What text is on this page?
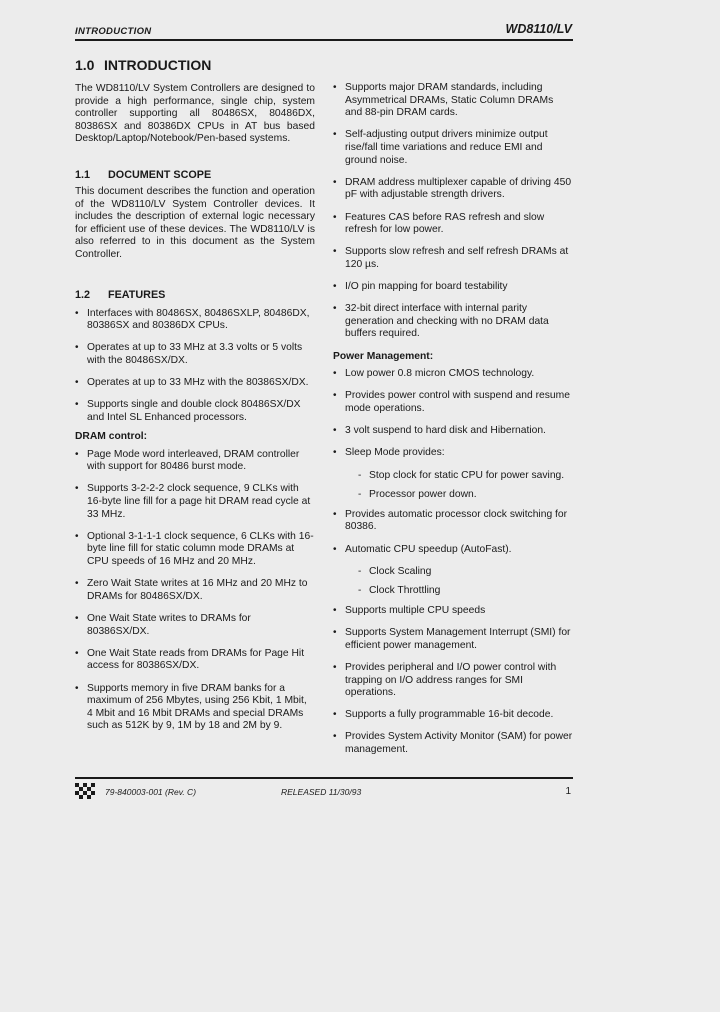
INTRODUCTION	WD8110/LV
1.0 INTRODUCTION

The WD8110/LV System Controllers are designed to provide a high performance, single chip, system controller supporting all 80486SX, 80486DX, 80386SX and 80386DX CPUs in AT bus based Desktop/Laptop/Notebook/Pen-based systems.

1.1 DOCUMENT SCOPE

This document describes the function and operation of the WD8110/LV System Controller devices. It includes the description of external logic necessary for efficient use of these devices. The WD8110/LV is also referred to in this document as the System Controller.

1.2 FEATURES
• Interfaces with 80486SX, 80486SXLP, 80486DX, 80386SX and 80386DX CPUs.
• Operates at up to 33 MHz at 3.3 volts or 5 volts with the 80486SX/DX.
• Operates at up to 33 MHz with the 80386SX/DX.
• Supports single and double clock 80486SX/DX and Intel SL Enhanced processors.
DRAM control:
• Page Mode word interleaved, DRAM controller with support for 80486 burst mode.
• Supports 3-2-2-2 clock sequence, 9 CLKs with 16-byte line fill for a page hit DRAM read cycle at 33 MHz.
• Optional 3-1-1-1 clock sequence, 6 CLKs with 16-byte line fill for static column mode DRAMs at CPU speeds of 16 MHz and 20 MHz.
• Zero Wait State writes at 16 MHz and 20 MHz to DRAMs for 80486SX/DX.
• One Wait State writes to DRAMs for 80386SX/DX.
• One Wait State reads from DRAMs for Page Hit access for 80386SX/DX.
• Supports memory in five DRAM banks for a maximum of 256 Mbytes, using 256 Kbit, 1 Mbit, 4 Mbit and 16 Mbit DRAMs and special DRAMs such as 512K by 9, 1M by 18 and 2M by 9.
• Supports major DRAM standards, including Asymmetrical DRAMs, Static Column DRAMs and 88-pin DRAM cards.
• Self-adjusting output drivers minimize output rise/fall time variations and reduce EMI and ground noise.
• DRAM address multiplexer capable of driving 450 pF with adjustable strength drivers.
• Features CAS before RAS refresh and slow refresh for low power.
• Supports slow refresh and self refresh DRAMs at 120 µs.
• I/O pin mapping for board testability
• 32-bit direct interface with internal parity generation and checking with no DRAM data buffers required.
Power Management:
• Low power 0.8 micron CMOS technology.
• Provides power control with suspend and resume mode operations.
• 3 volt suspend to hard disk and Hibernation.
• Sleep Mode provides:
- Stop clock for static CPU for power saving.
- Processor power down.
• Provides automatic processor clock switching for 80386.
• Automatic CPU speedup (AutoFast).
- Clock Scaling
- Clock Throttling
• Supports multiple CPU speeds
• Supports System Management Interrupt (SMI) for efficient power management.
• Provides peripheral and I/O power control with trapping on I/O address ranges for SMI operations.
• Supports a fully programmable 16-bit decode.
• Provides System Activity Monitor (SAM) for power management.
79-840003-001 (Rev. C)	RELEASED 11/30/93	1
